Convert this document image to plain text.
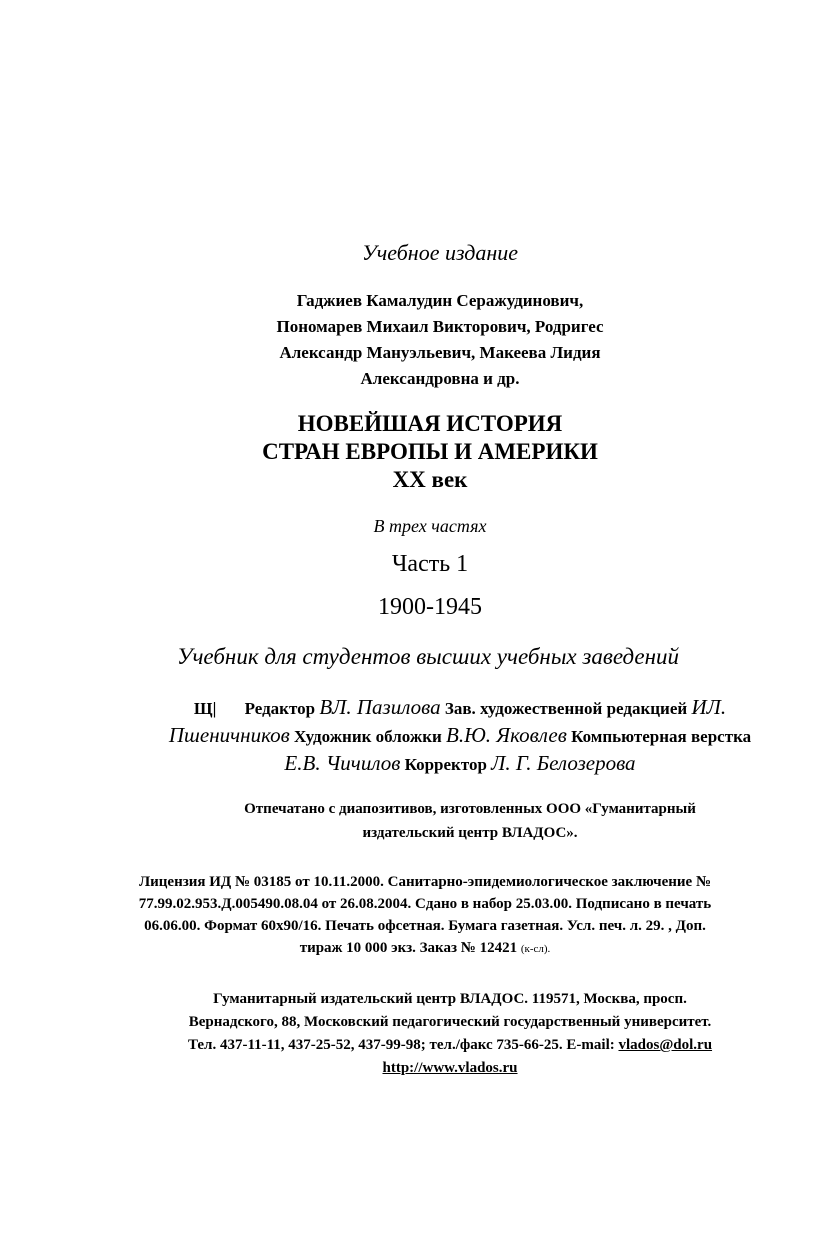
Учебное издание
Гаджиев Камалудин Серажудинович,
Пономарев Михаил Викторович, Родригес
Александр Мануэльевич, Макеева Лидия
Александровна и др.
НОВЕЙШАЯ ИСТОРИЯ
СТРАН ЕВРОПЫ И АМЕРИКИ
XX век
В трех частях
Часть 1
1900-1945
Учебник для студентов высших учебных заведений
Щ| Редактор ВЛ. Пазилова Зав. художественной редакцией ИЛ. Пшеничников Художник обложки В.Ю. Яковлев Компьютерная верстка Е.В. Чичилов Корректор Л. Г. Белозерова
Отпечатано с диапозитивов, изготовленных ООО «Гуманитарный
издательский центр ВЛАДОС».
Лицензия ИД № 03185 от 10.11.2000. Санитарно-эпидемиологическое заключение №
77.99.02.953.Д.005490.08.04 от 26.08.2004. Сдано в набор 25.03.00. Подписано в печать
06.06.00. Формат 60x90/16. Печать офсетная. Бумага газетная. Усл. печ. л. 29. , Доп.
тираж 10 000 экз. Заказ № 12421 (к-сл).
Гуманитарный издательский центр ВЛАДОС. 119571, Москва, просп.
Вернадского, 88, Московский педагогический государственный университет.
Тел. 437-11-11, 437-25-52, 437-99-98; тел./факс 735-66-25. E-mail: vlados@dol.ru
http://www.vlados.ru
